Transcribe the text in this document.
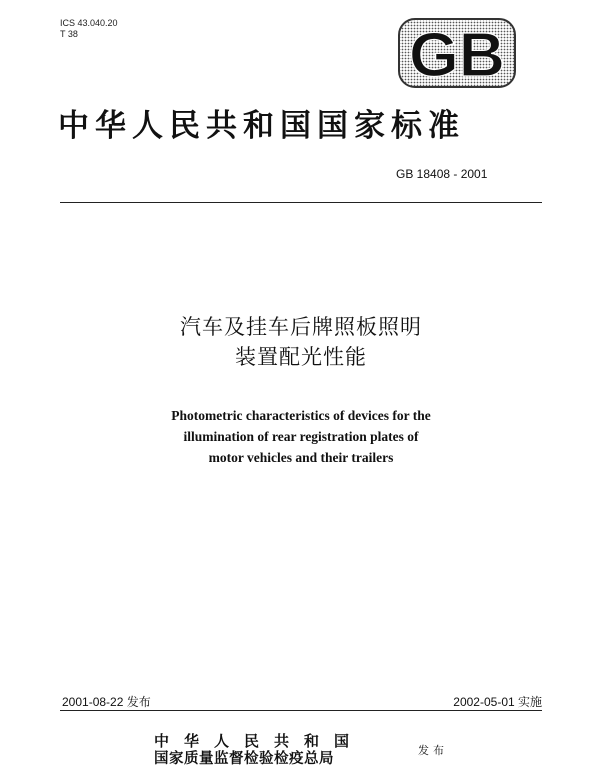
ICS 43.040.20
T 38	GB
中华人民共和国国家标准
GB 18408 - 2001
汽车及挂车后牌照板照明
装置配光性能
Photometric characteristics of devices for the
illumination of rear registration plates of
motor vehicles and their trailers
2001-08-22 发布	2002-05-01 实施
中华人民共和国
国家质量监督检验检疫总局	发布
